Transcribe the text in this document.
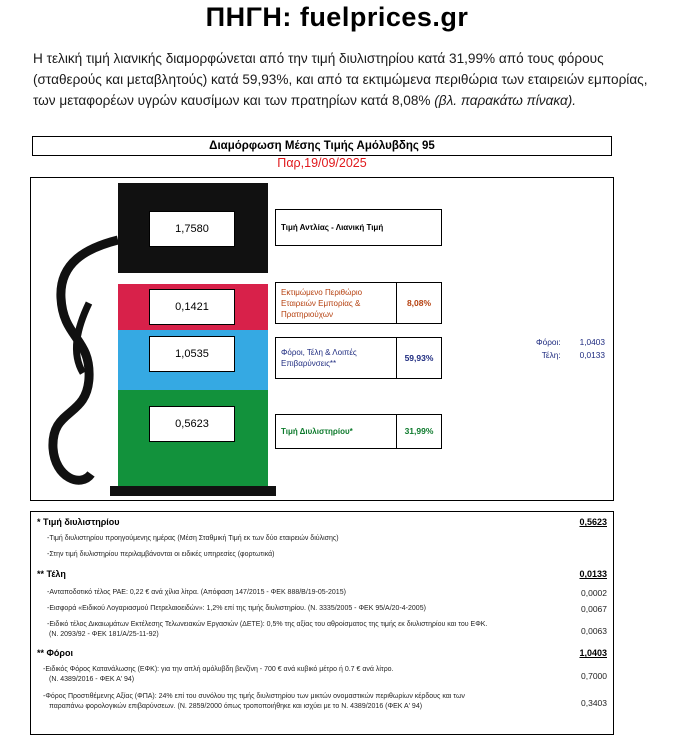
ΠΗΓΗ: fuelprices.gr
Η τελική τιμή λιανικής διαμορφώνεται από την τιμή διυλιστηρίου κατά 31,99% από τους φόρους (σταθερούς και μεταβλητούς) κατά 59,93%, και από τα εκτιμώμενα περιθώρια των εταιρειών εμπορίας, των μεταφορέων υγρών καυσίμων και των πρατηρίων κατά 8,08% (βλ. παρακάτω πίνακα).
Διαμόρφωση Μέσης Τιμής Αμόλυβδης 95
Παρ,19/09/2025
1,7580
0,1421
1,0535
0,5623
Τιμή Αντλίας - Λιανική Τιμή
Εκτιμώμενο Περιθώριο Εταιρειών Εμπορίας & Πρατηριούχων
8,08%
Φόροι, Τέλη & Λοιπές Επιβαρύνσεις**
59,93%
Τιμή Διυλιστηρίου*	31,99%
Φόροι: 1,0403
Τέλη: 0,0133
* Τιμή διυλιστηρίου	0,5623
-Τιμή διυλιστηρίου προηγούμενης ημέρας (Μέση Σταθμική Τιμή εκ των δύο εταιρειών διύλισης)
-Στην τιμή διυλιστηρίου περιλαμβάνονται οι ειδικές υπηρεσίες (φορτωτικά)
** Τέλη	0,0133
-Ανταποδοτικό τέλος ΡΑΕ: 0,22 € ανά χίλια λίτρα. (Απόφαση 147/2015 - ΦΕΚ 888/Β/19-05-2015)	0,0002
-Εισφορά «Ειδικού Λογαριασμού Πετρελαιοειδών»: 1,2% επί της τιμής διυλιστηρίου. (Ν. 3335/2005 - ΦΕΚ 95/Α/20-4-2005)	0,0067
-Ειδικό τέλος Δικαιωμάτων Εκτέλεσης Τελωνειακών Εργασιών (ΔΕΤΕ): 0,5% της αξίας του αθροίσματος της τιμής εκ διυλιστηρίου και του ΕΦΚ.
(Ν. 2093/92 - ΦΕΚ 181/Α/25-11-92)	0,0063
** Φόροι	1,0403
-Ειδικός Φόρος Κατανάλωσης (ΕΦΚ): για την απλή αμόλυβδη βενζίνη - 700 € ανά κυβικό μέτρο ή 0.7 € ανά λίτρο.
(Ν. 4389/2016 - ΦΕΚ Α' 94)	0,7000
-Φόρος Προστιθέμενης Αξίας (ΦΠΑ): 24% επί του συνόλου της τιμής διυλιστηρίου των μικτών ονομαστικών περιθωρίων κέρδους και των
παραπάνω φορολογικών επιβαρύνσεων. (Ν. 2859/2000 όπως τροποποιήθηκε και ισχύει με το Ν. 4389/2016 (ΦΕΚ Α' 94)	0,3403
